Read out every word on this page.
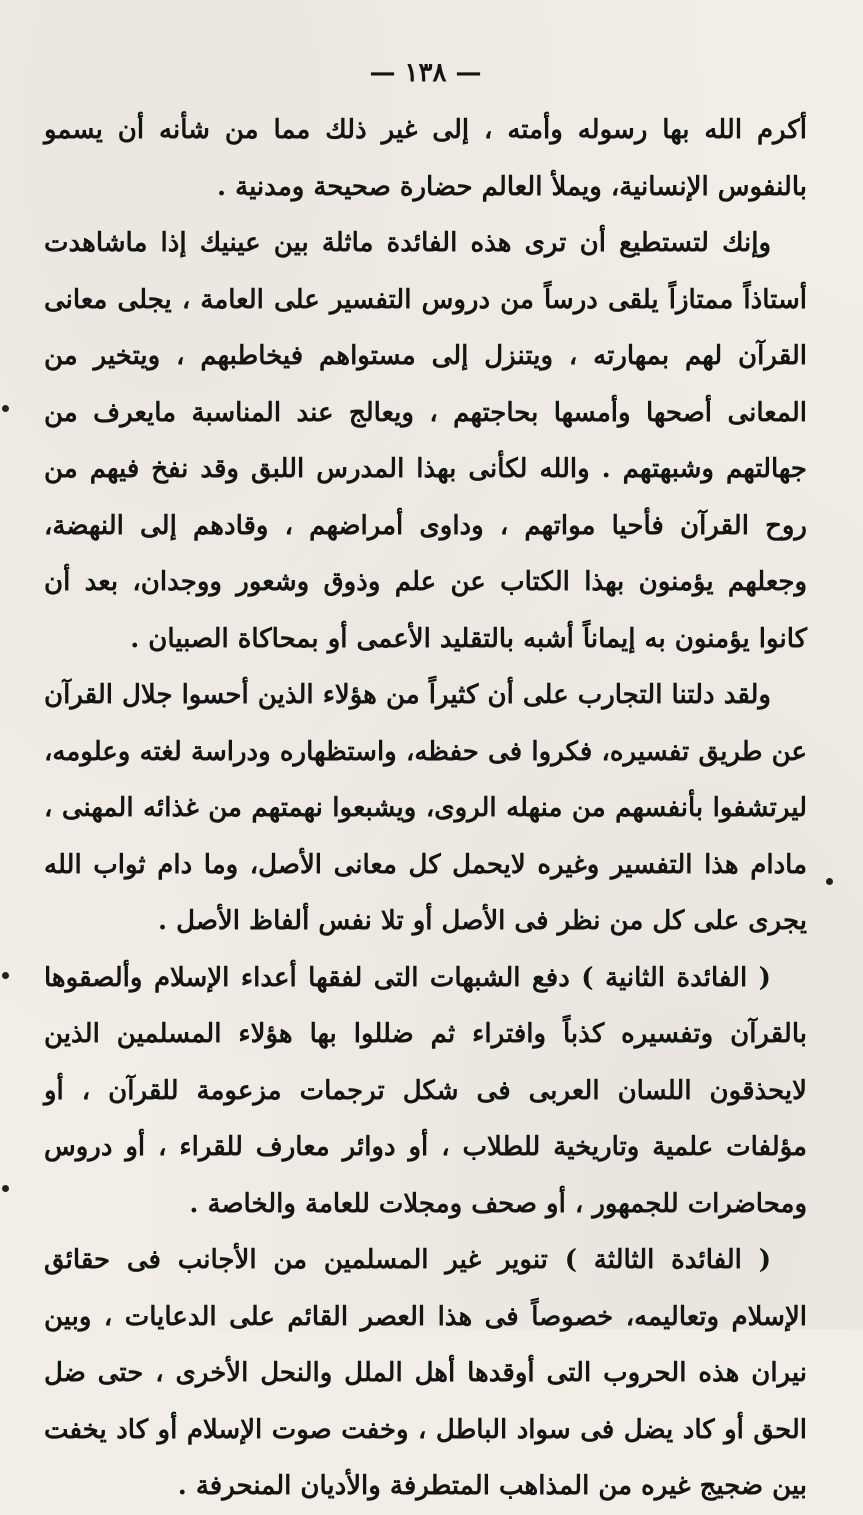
— ١٣٨ —

أكرم الله بها رسوله وأمته ، إلى غير ذلك مما من شأنه أن يسمو بالنفوس الإنسانية، ويملأ العالم حضارة صحيحة ومدنية .

وإنك لتستطيع أن ترى هذه الفائدة ماثلة بين عينيك إذا ماشاهدت أستاذاً ممتازاً يلقى درساً من دروس التفسير على العامة ، يجلى معانى القرآن لهم بمهارته ، ويتنزل إلى مستواهم فيخاطبهم ، ويتخير من المعانى أصحها وأمسها بحاجتهم ، ويعالج عند المناسبة مايعرف من جهالتهم وشبهتهم . والله لكأنى بهذا المدرس اللبق وقد نفخ فيهم من روح القرآن فأحيا مواتهم ، وداوى أمراضهم ، وقادهم إلى النهضة، وجعلهم يؤمنون بهذا الكتاب عن علم وذوق وشعور ووجدان، بعد أن كانوا يؤمنون به إيماناً أشبه بالتقليد الأعمى أو بمحاكاة الصبيان .

ولقد دلتنا التجارب على أن كثيراً من هؤلاء الذين أحسوا جلال القرآن عن طريق تفسيره، فكروا فى حفظه، واستظهاره ودراسة لغته وعلومه، ليرتشفوا بأنفسهم من منهله الروى، ويشبعوا نهمتهم من غذائه المهنى ، مادام هذا التفسير وغيره لايحمل كل معانى الأصل، وما دام ثواب الله يجرى على كل من نظر فى الأصل أو تلا نفس ألفاظ الأصل .

( الفائدة الثانية ) دفع الشبهات التى لفقها أعداء الإسلام وألصقوها بالقرآن وتفسيره كذباً وافتراء ثم ضللوا بها هؤلاء المسلمين الذين لايحذقون اللسان العربى فى شكل ترجمات مزعومة للقرآن ، أو مؤلفات علمية وتاريخية للطلاب ، أو دوائر معارف للقراء ، أو دروس ومحاضرات للجمهور ، أو صحف ومجلات للعامة والخاصة .

( الفائدة الثالثة ) تنوير غير المسلمين من الأجانب فى حقائق الإسلام وتعاليمه، خصوصاً فى هذا العصر القائم على الدعايات ، وبين نيران هذه الحروب التى أوقدها أهل الملل والنحل الأخرى ، حتى ضل الحق أو كاد يضل فى سواد الباطل ، وخفت صوت الإسلام أو كاد يخفت بين ضجيج غيره من المذاهب المتطرفة والأديان المنحرفة .
